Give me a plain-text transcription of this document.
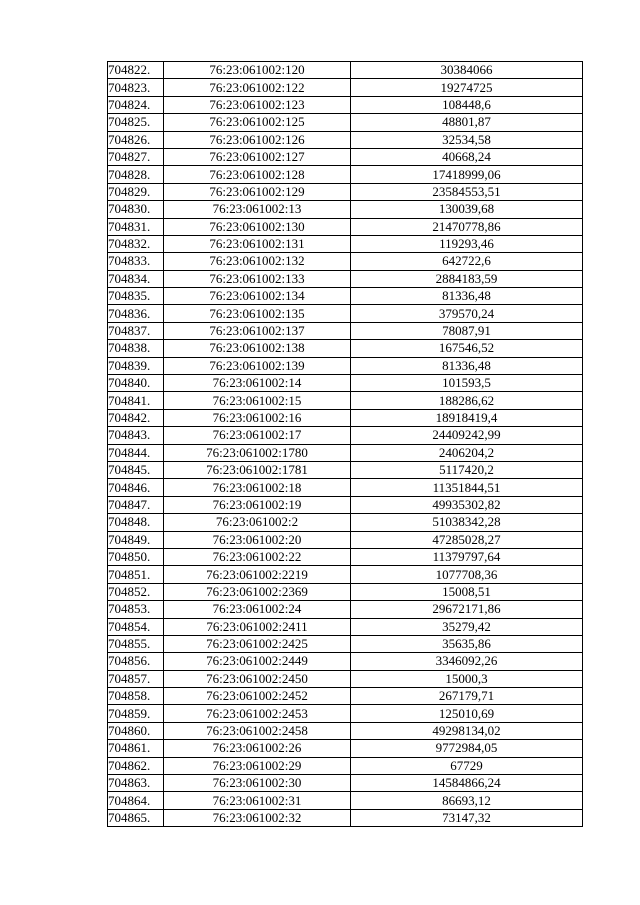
704822.	76:23:061002:120	30384066
704823.	76:23:061002:122	19274725
704824.	76:23:061002:123	108448,6
704825.	76:23:061002:125	48801,87
704826.	76:23:061002:126	32534,58
704827.	76:23:061002:127	40668,24
704828.	76:23:061002:128	17418999,06
704829.	76:23:061002:129	23584553,51
704830.	76:23:061002:13	130039,68
704831.	76:23:061002:130	21470778,86
704832.	76:23:061002:131	119293,46
704833.	76:23:061002:132	642722,6
704834.	76:23:061002:133	2884183,59
704835.	76:23:061002:134	81336,48
704836.	76:23:061002:135	379570,24
704837.	76:23:061002:137	78087,91
704838.	76:23:061002:138	167546,52
704839.	76:23:061002:139	81336,48
704840.	76:23:061002:14	101593,5
704841.	76:23:061002:15	188286,62
704842.	76:23:061002:16	18918419,4
704843.	76:23:061002:17	24409242,99
704844.	76:23:061002:1780	2406204,2
704845.	76:23:061002:1781	5117420,2
704846.	76:23:061002:18	11351844,51
704847.	76:23:061002:19	49935302,82
704848.	76:23:061002:2	51038342,28
704849.	76:23:061002:20	47285028,27
704850.	76:23:061002:22	11379797,64
704851.	76:23:061002:2219	1077708,36
704852.	76:23:061002:2369	15008,51
704853.	76:23:061002:24	29672171,86
704854.	76:23:061002:2411	35279,42
704855.	76:23:061002:2425	35635,86
704856.	76:23:061002:2449	3346092,26
704857.	76:23:061002:2450	15000,3
704858.	76:23:061002:2452	267179,71
704859.	76:23:061002:2453	125010,69
704860.	76:23:061002:2458	49298134,02
704861.	76:23:061002:26	9772984,05
704862.	76:23:061002:29	67729
704863.	76:23:061002:30	14584866,24
704864.	76:23:061002:31	86693,12
704865.	76:23:061002:32	73147,32
